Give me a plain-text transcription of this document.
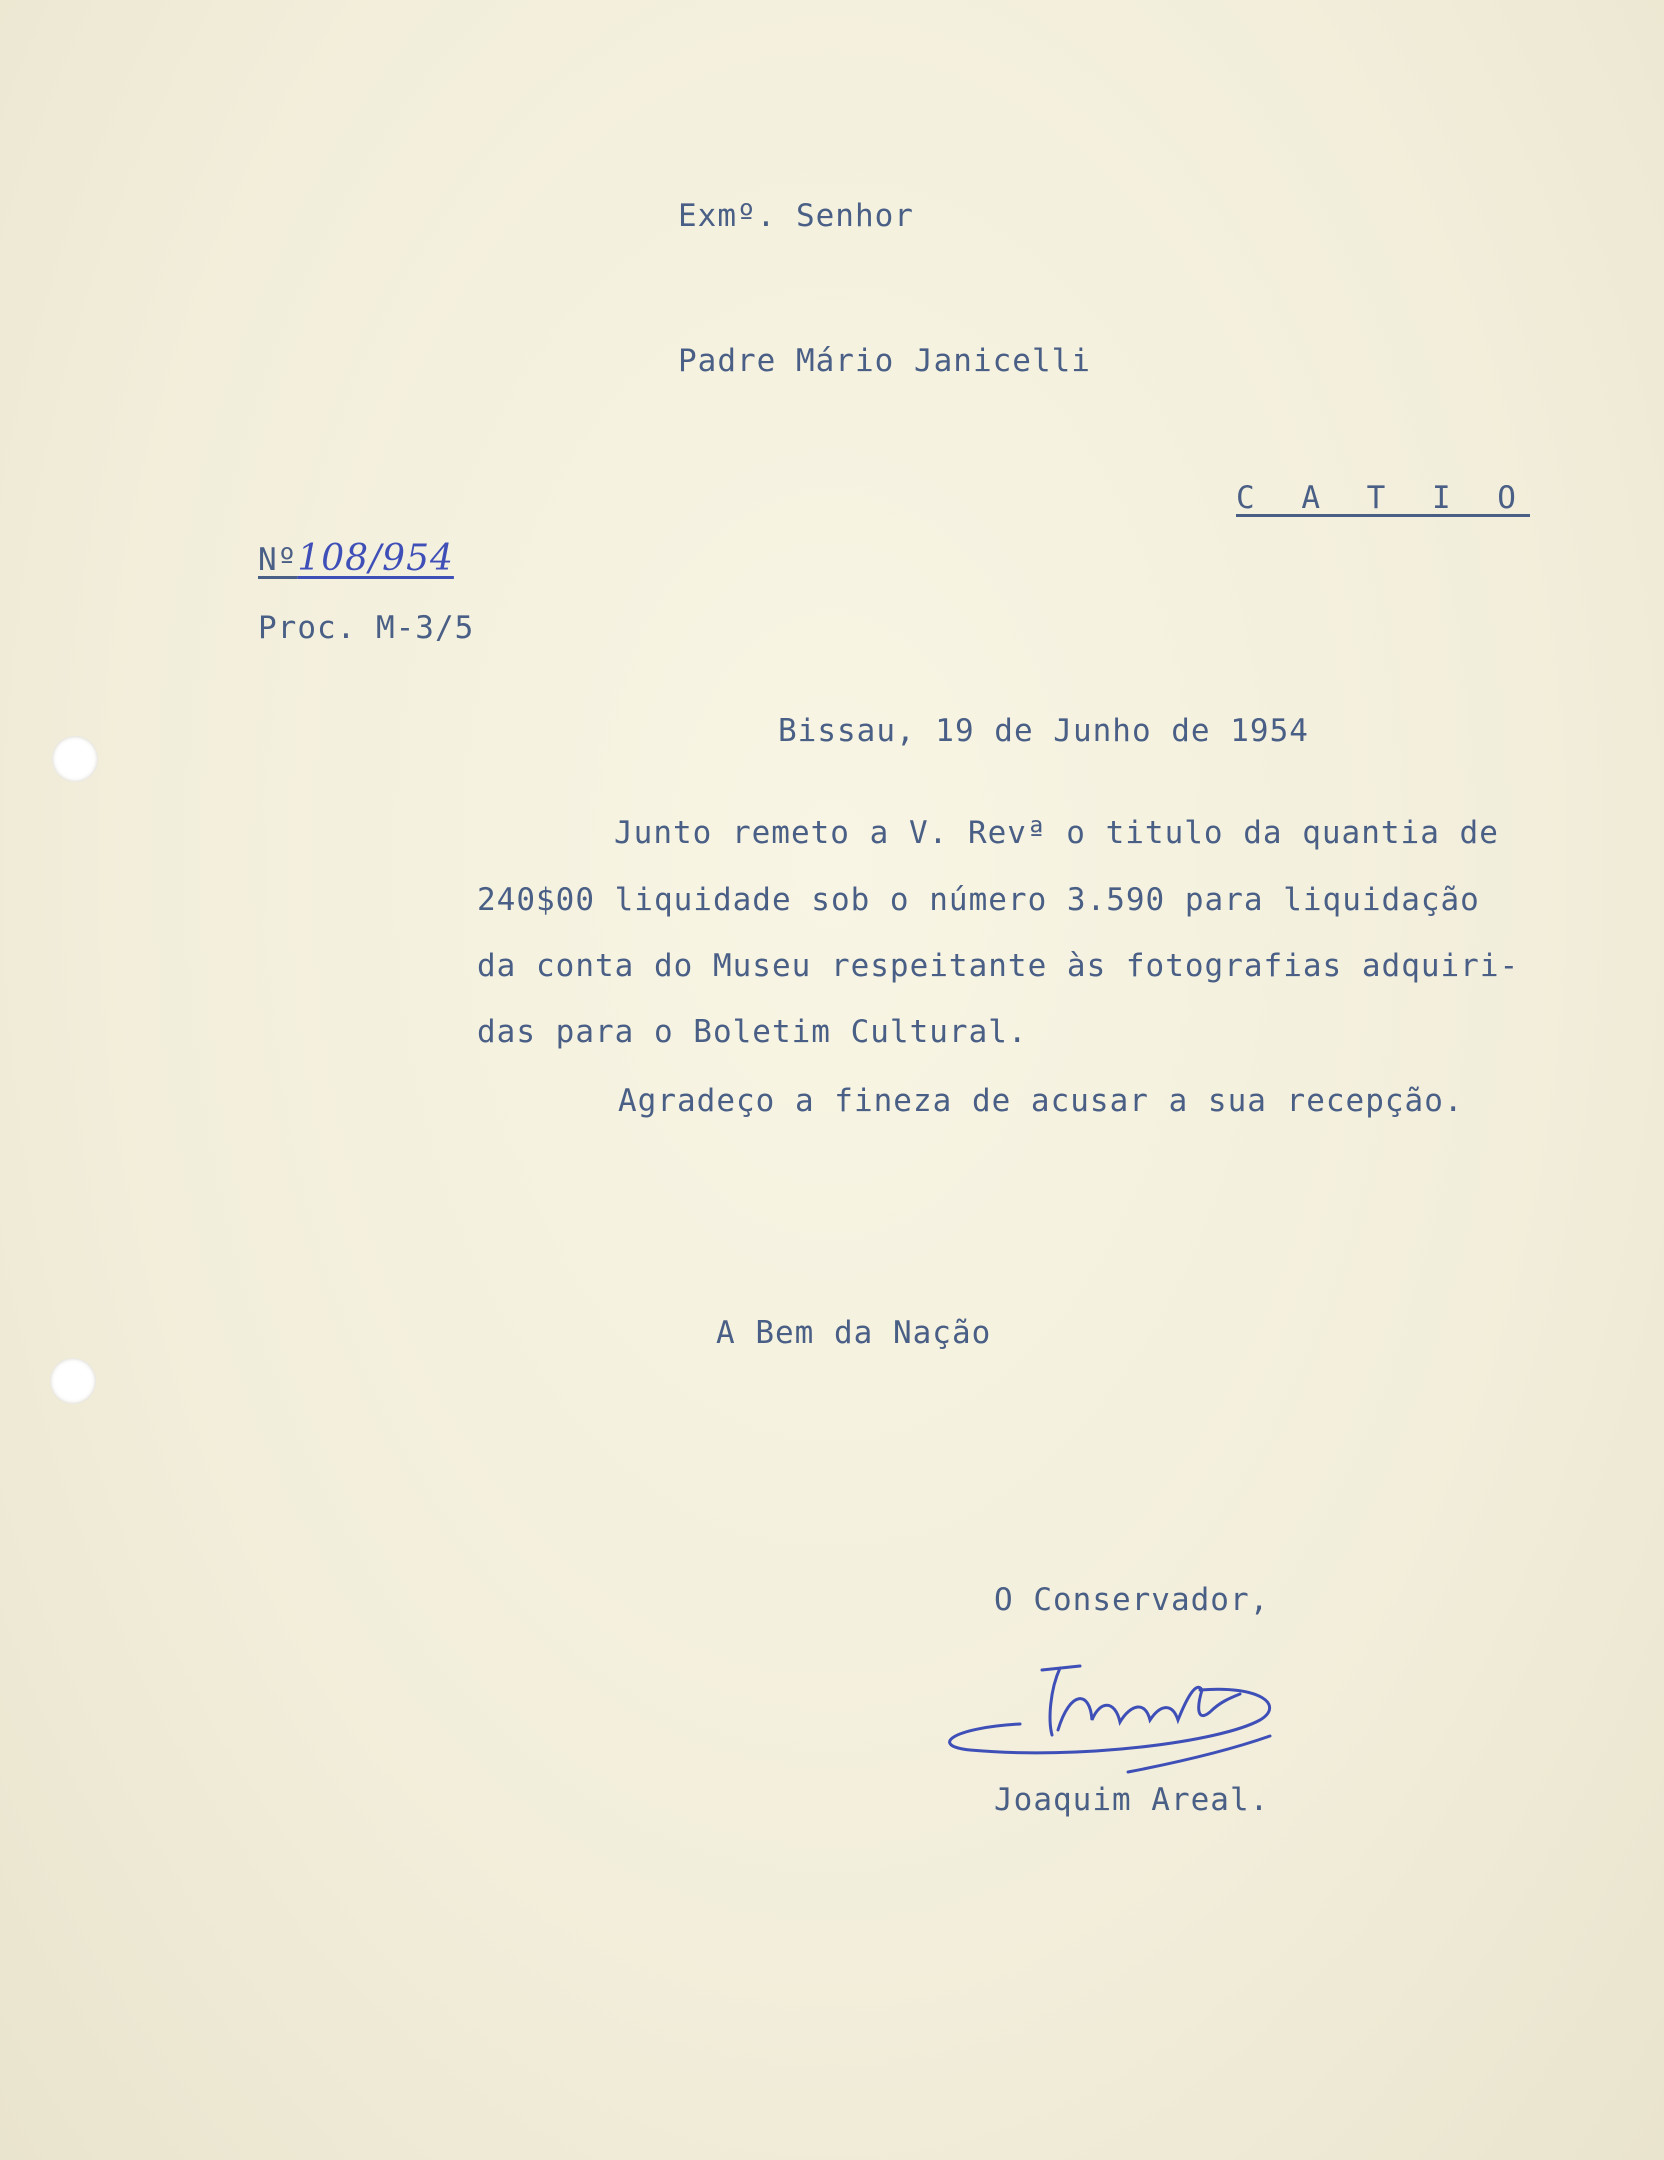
Exmº. Senhor
Padre Mário Janicelli
C A T I O
Nº108/954
Proc. M-3/5
Bissau, 19 de Junho de 1954
Junto remeto a V. Revª o titulo da quantia de
240$00 liquidade sob o número 3.590 para liquidação
da conta do Museu respeitante às fotografias adquiri-
das para o Boletim Cultural.
Agradeço a fineza de acusar a sua recepção.
A Bem da Nação
O Conservador,
Joaquim Areal.
